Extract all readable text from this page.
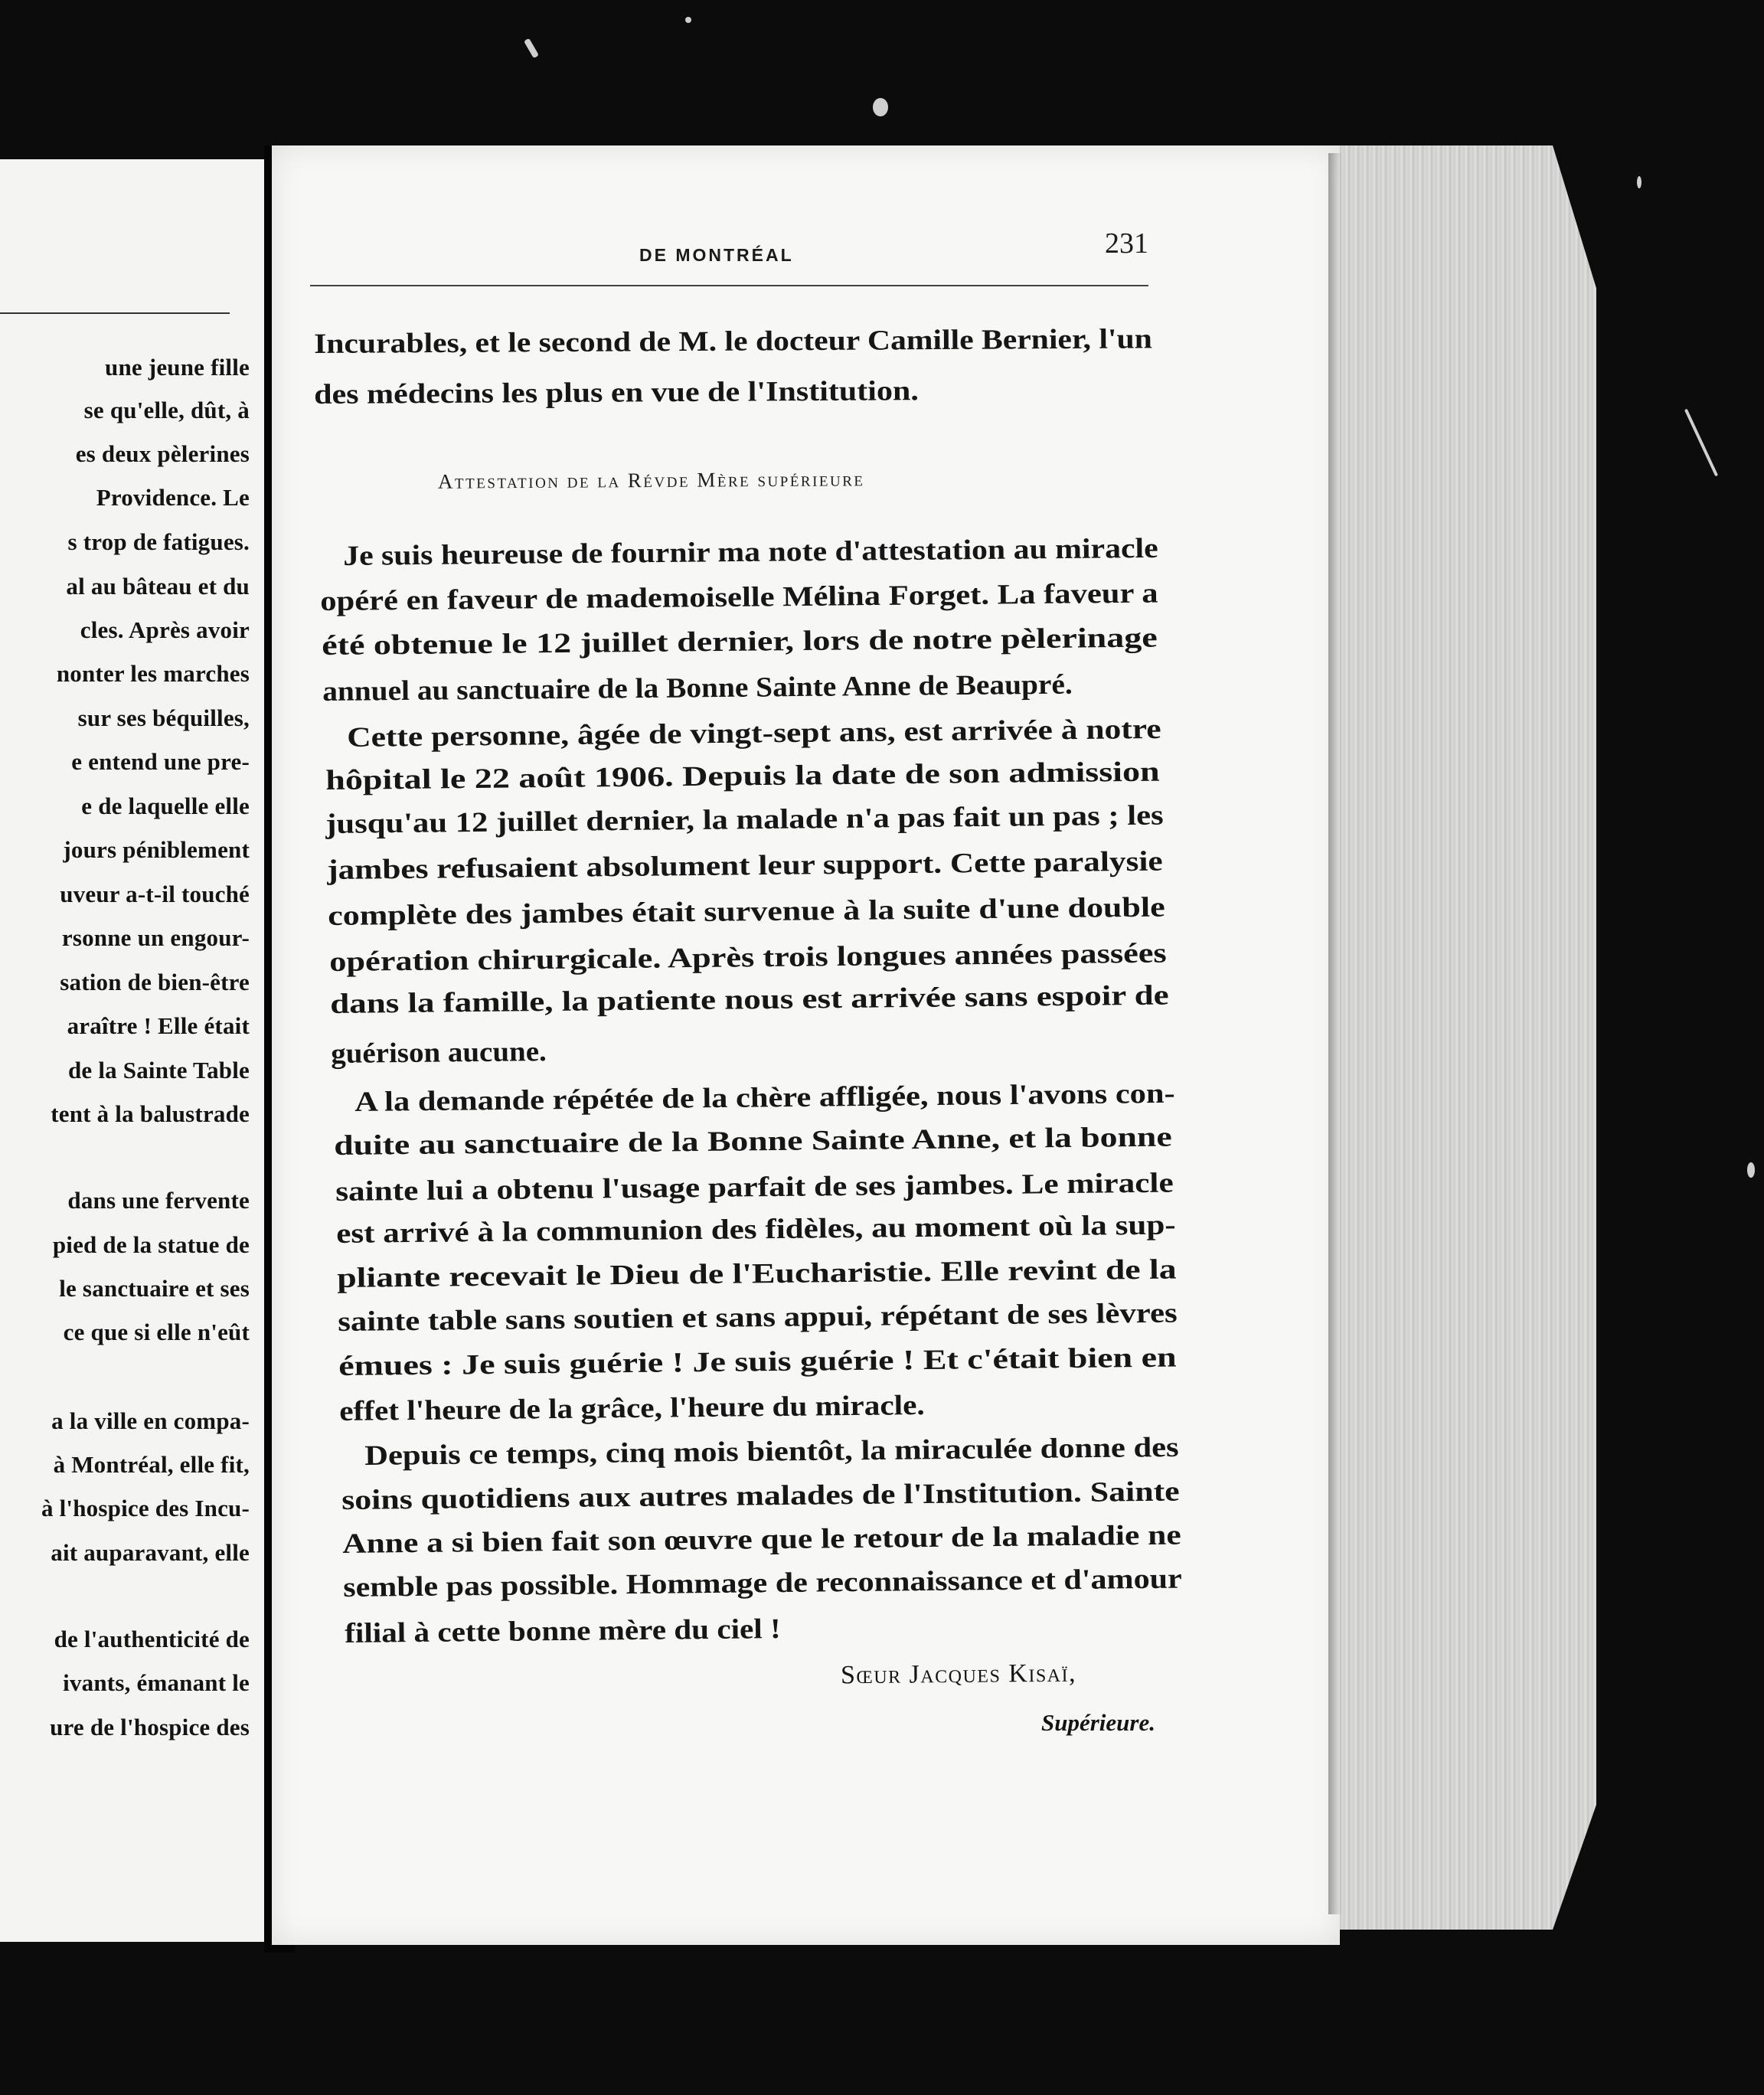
une jeune fille
se qu'elle, dût, à
es deux pèlerines
Providence. Le
s trop de fatigues.
al au bâteau et du
cles. Après avoir
nonter les marches
sur ses béquilles,
e entend une pre-
e de laquelle elle
jours péniblement
uveur a-t-il touché
rsonne un engour-
sation de bien-être
araître ! Elle était
de la Sainte Table
tent à la balustrade
dans une fervente
pied de la statue de
le sanctuaire et ses
ce que si elle n'eût
a la ville en compa-
à Montréal, elle fit,
à l'hospice des Incu-
ait auparavant, elle
de l'authenticité de
ivants, émanant le
ure de l'hospice des
DE MONTRÉAL	231
Attestation de la Révde Mère supérieure
Sœur Jacques Kisaï,
Supérieure.
Incurables, et le second de M. le docteur Camille Bernier, l'un
des médecins les plus en vue de l'Institution.
Je suis heureuse de fournir ma note d'attestation au miracle
opéré en faveur de mademoiselle Mélina Forget. La faveur a
été obtenue le 12 juillet dernier, lors de notre pèlerinage
annuel au sanctuaire de la Bonne Sainte Anne de Beaupré.
Cette personne, âgée de vingt-sept ans, est arrivée à notre
hôpital le 22 août 1906. Depuis la date de son admission
jusqu'au 12 juillet dernier, la malade n'a pas fait un pas ; les
jambes refusaient absolument leur support. Cette paralysie
complète des jambes était survenue à la suite d'une double
opération chirurgicale. Après trois longues années passées
dans la famille, la patiente nous est arrivée sans espoir de
guérison aucune.
A la demande répétée de la chère affligée, nous l'avons con-
duite au sanctuaire de la Bonne Sainte Anne, et la bonne
sainte lui a obtenu l'usage parfait de ses jambes. Le miracle
est arrivé à la communion des fidèles, au moment où la sup-
pliante recevait le Dieu de l'Eucharistie. Elle revint de la
sainte table sans soutien et sans appui, répétant de ses lèvres
émues : Je suis guérie ! Je suis guérie ! Et c'était bien en
effet l'heure de la grâce, l'heure du miracle.
Depuis ce temps, cinq mois bientôt, la miraculée donne des
soins quotidiens aux autres malades de l'Institution. Sainte
Anne a si bien fait son œuvre que le retour de la maladie ne
semble pas possible. Hommage de reconnaissance et d'amour
filial à cette bonne mère du ciel !
